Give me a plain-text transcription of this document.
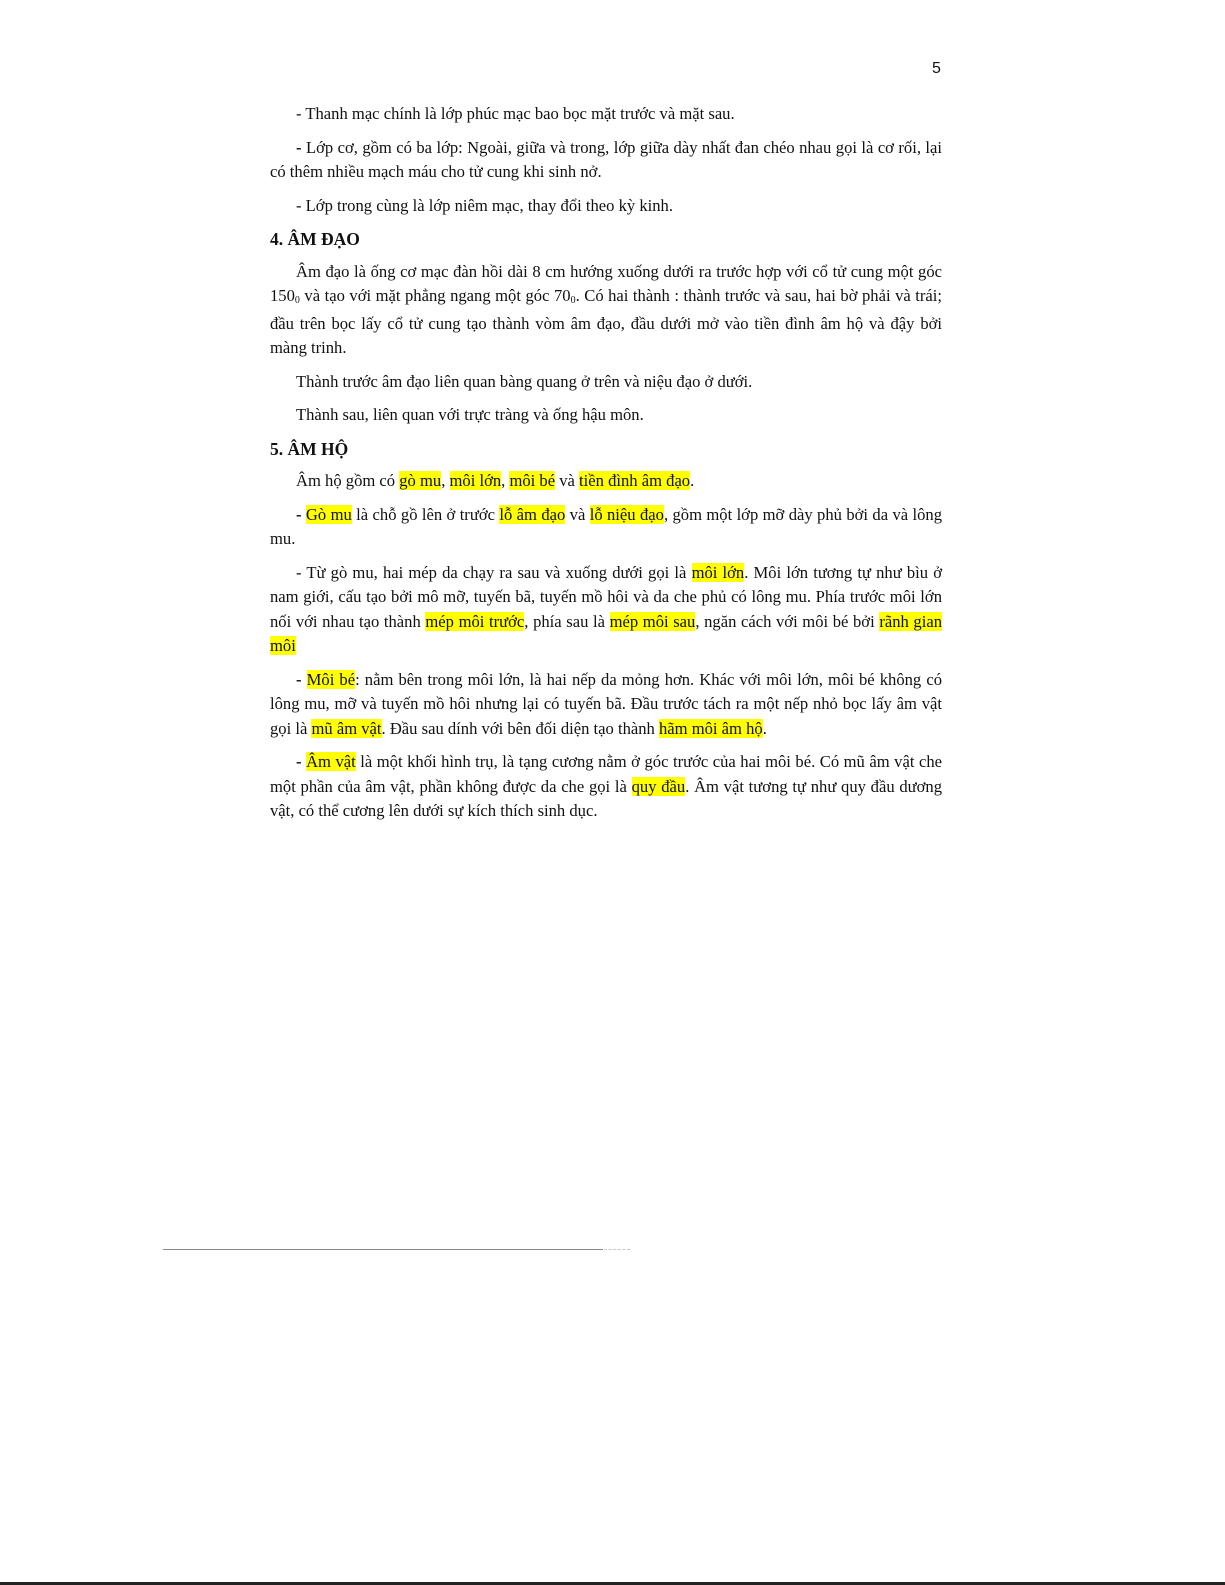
5

- Thanh mạc chính là lớp phúc mạc bao bọc mặt trước và mặt sau.

- Lớp cơ, gồm có ba lớp: Ngoài, giữa và trong, lớp giữa dày nhất đan chéo nhau gọi là cơ rối, lại có thêm nhiều mạch máu cho tử cung khi sinh nở.

- Lớp trong cùng là lớp niêm mạc, thay đổi theo kỳ kinh.

4. ÂM ĐẠO

Âm đạo là ống cơ mạc đàn hồi dài 8 cm hướng xuống dưới ra trước hợp với cổ tử cung một góc $150_0$ và tạo với mặt phẳng ngang một góc $70_0$. Có hai thành : thành trước và sau, hai bờ phải và trái; đầu trên bọc lấy cổ tử cung tạo thành vòm âm đạo, đầu dưới mở vào tiền đình âm hộ và đậy bởi màng trinh.

Thành trước âm đạo liên quan bàng quang ở trên và niệu đạo ở dưới.

Thành sau, liên quan với trực tràng và ống hậu môn.

5. ÂM HỘ

Âm hộ gồm có gò mu, môi lớn, môi bé và tiền đình âm đạo.

- Gò mu là chỗ gồ lên ở trước lỗ âm đạo và lỗ niệu đạo, gồm một lớp mỡ dày phủ bởi da và lông mu.

- Từ gò mu, hai mép da chạy ra sau và xuống dưới gọi là môi lớn. Môi lớn tương tự như bìu ở nam giới, cấu tạo bởi mô mỡ, tuyến bã, tuyến mồ hôi và da che phủ có lông mu. Phía trước môi lớn nối với nhau tạo thành mép môi trước, phía sau là mép môi sau, ngăn cách với môi bé bởi rãnh gian môi

- Môi bé: nằm bên trong môi lớn, là hai nếp da mỏng hơn. Khác với môi lớn, môi bé không có lông mu, mỡ và tuyến mồ hôi nhưng lại có tuyến bã. Đầu trước tách ra một nếp nhỏ bọc lấy âm vật gọi là mũ âm vật. Đầu sau dính với bên đối diện tạo thành hãm môi âm hộ.

- Âm vật là một khối hình trụ, là tạng cương nằm ở góc trước của hai môi bé. Có mũ âm vật che một phần của âm vật, phần không được da che gọi là quy đầu. Âm vật tương tự như quy đầu dương vật, có thể cương lên dưới sự kích thích sinh dục.
